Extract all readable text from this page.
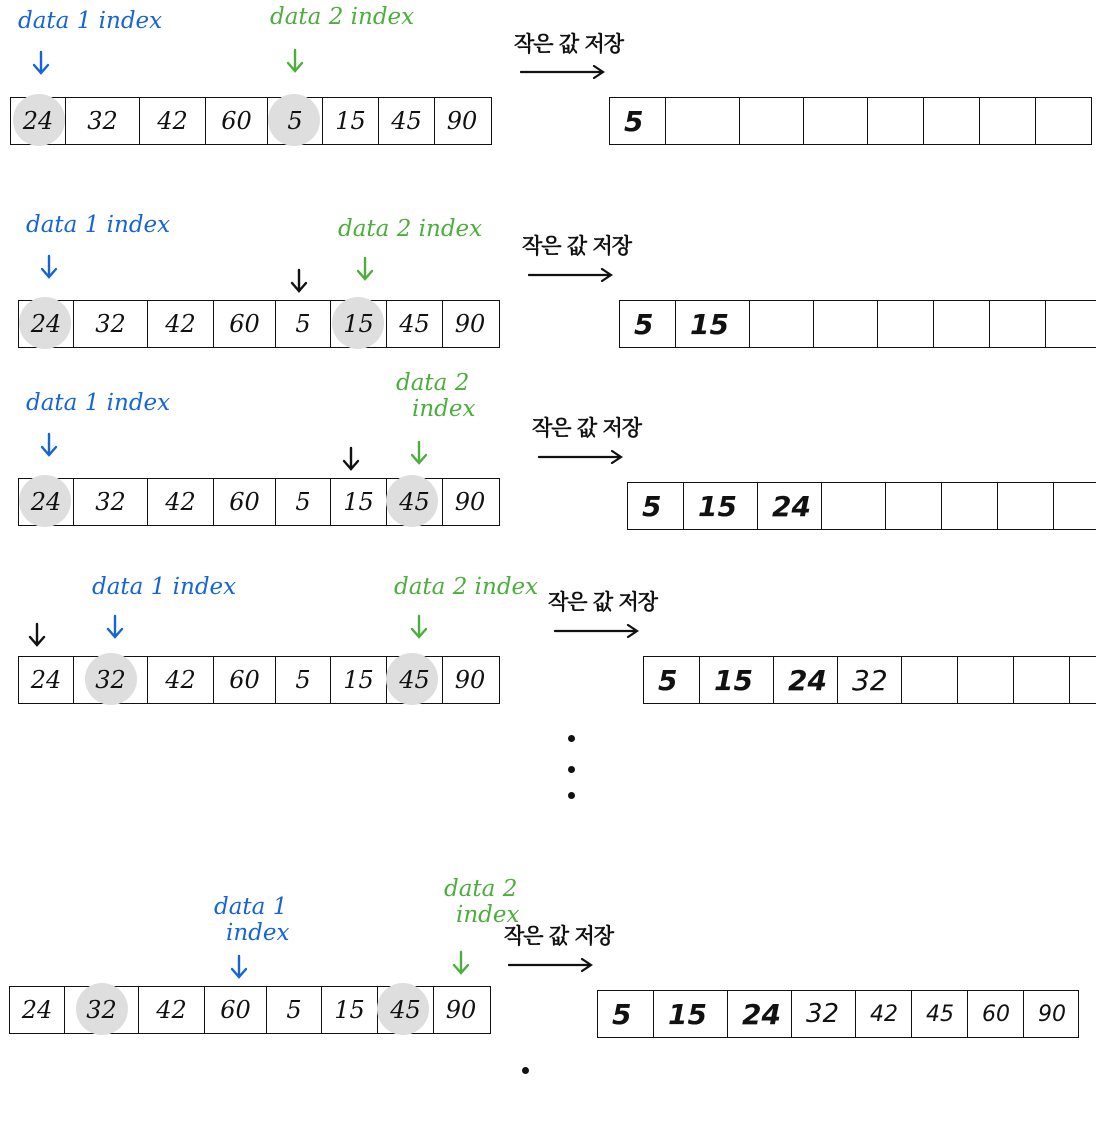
data 1 index	data 2 index
작은 값 저장
24 32 42 60 5 15 45 90	5
data 1 index	data 2 index
작은 값 저장
24 32 42 60 5 15 45 90	5 15
data 1 index
data 2
index
작은 값 저장
24 32 42 60 5 15 45 90	5 15 24
data 1 index	data 2 index
작은 값 저장
24 32 42 60 5 15 45 90	5 15 24 32
data 1
index
data 2
index
작은 값 저장
24 32 42 60 5 15 45 90	5 15 24 32 42 45 60 90
